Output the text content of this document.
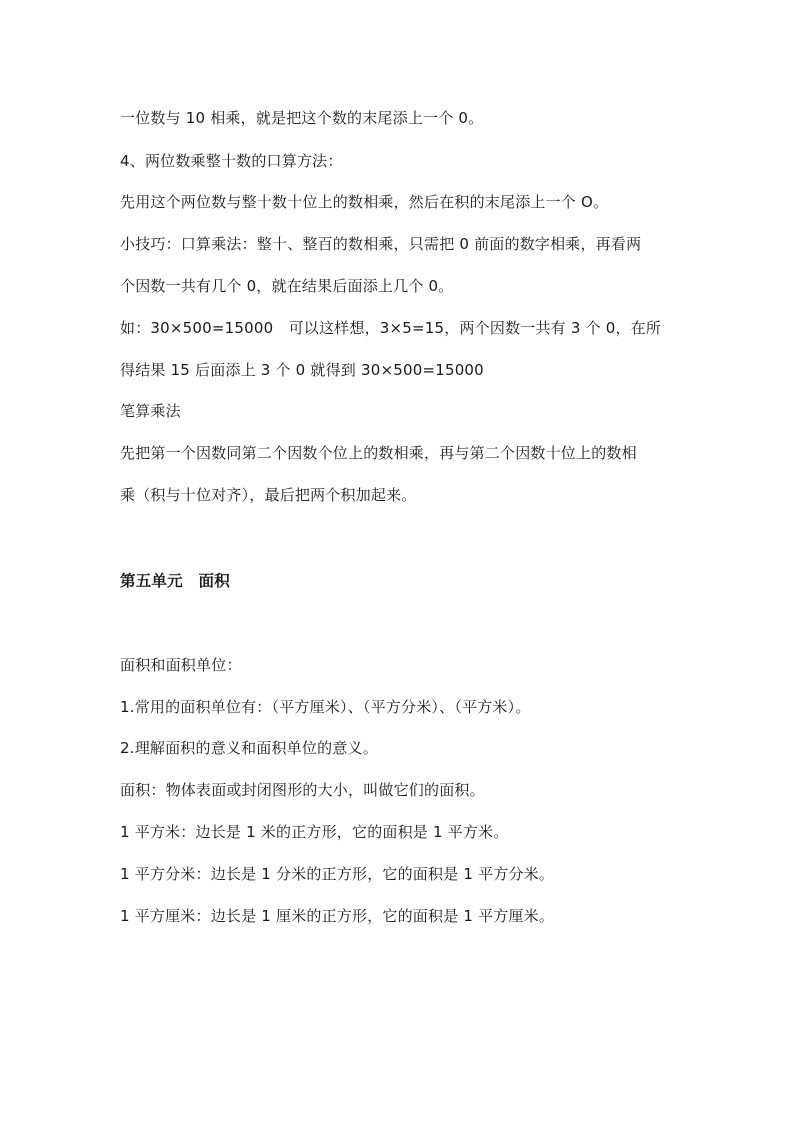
一位数与 10 相乘，就是把这个数的末尾添上一个 0。
4、两位数乘整十数的口算方法：
先用这个两位数与整十数十位上的数相乘，然后在积的末尾添上一个 O。
小技巧：口算乘法：整十、整百的数相乘，只需把 0 前面的数字相乘，再看两
个因数一共有几个 0，就在结果后面添上几个 0。
如：30×500=15000　可以这样想，3×5=15，两个因数一共有 3 个 0，在所
得结果 15 后面添上 3 个 0 就得到 30×500=15000
笔算乘法
先把第一个因数同第二个因数个位上的数相乘，再与第二个因数十位上的数相
乘（积与十位对齐），最后把两个积加起来。
第五单元　面积
面积和面积单位：
1.常用的面积单位有：（平方厘米）、（平方分米）、（平方米）。
2.理解面积的意义和面积单位的意义。
面积：物体表面或封闭图形的大小，叫做它们的面积。
1 平方米：边长是 1 米的正方形，它的面积是 1 平方米。
1 平方分米：边长是 1 分米的正方形，它的面积是 1 平方分米。
1 平方厘米：边长是 1 厘米的正方形，它的面积是 1 平方厘米。
